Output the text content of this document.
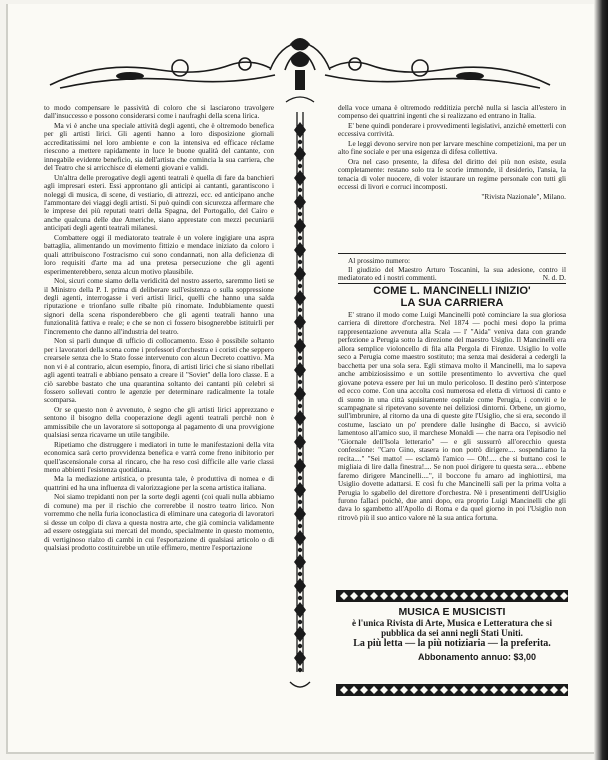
to modo compensare le passività di coloro che si lasciarono travolgere dall'insuccesso e possono considerarsi come i naufraghi della scena lirica.

Ma vi è anche una speciale attività degli agenti, che è oltremodo benefica per gli artisti lirici. Gli agenti hanno a loro disposizione giornali accreditatissimi nel loro ambiente e con la intensiva ed efficace réclame riescono a mettere rapidamente in luce le buone qualità del cantante, con innegabile evidente beneficio, sia dell'artista che comincia la sua carriera, che del Teatro che si arricchisce di elementi giovani e validi.

Un'altra delle prerogative degli agenti teatrali è quella di fare da banchieri agli impresari esteri. Essi approntano gli anticipi ai cantanti, garantiscono i noleggi di musica, di scene, di vestiario, di attrezzi, ecc. ed anticipano anche l'ammontare dei viaggi degli artisti. Si può quindi con sicurezza affermare che le imprese dei più reputati teatri della Spagna, del Portogallo, del Cairo e anche qualcuna delle due Americhe, siano apprestate con mezzi pecuniarii anticipati degli agenti teatrali milanesi.

Combattere oggi il mediatorato teatrale è un volere ingigiare una aspra battaglia, alimentando un movimento fittizio e mendace iniziato da coloro i quali attribuiscono l'ostracismo cui sono condannati, non alla deficienza di loro requisiti d'arte ma ad una pretesa persecuzione che gli agenti esperimenterebbero, senza alcun motivo plausibile.

Noi, sicuri come siamo della veridicità del nostro asserto, saremmo lieti se il Ministro della P. I. prima di deliberare sull'esistenza o sulla soppressione degli agenti, interrogasse i veri artisti lirici, quelli che hanno una salda riputazione e trionfano sulle ribalte più rinomate. Indubbiamente questi signori della scena risponderebbero che gli agenti teatrali hanno una funzionalità fattiva e reale; e che se non ci fossero bisognerebbe istituirli per l'incremento che danno all'industria del teatro.

Non si parli dunque di ufficio di collocamento. Esso è possibile soltanto per i lavoratori della scena come i professori d'orchestra e i coristi che seppero crearsele senza che lo Stato fosse intervenuto con alcun Decreto coattivo. Ma non vi è al contrario, alcun esempio, finora, di artisti lirici che si siano ribellati agli agenti teatrali e abbiano pensato a creare il "Soviet" della loro classe. E a ciò sarebbe bastato che una quarantina soltanto dei cantanti più celebri si fossero sollevati contro le agenzie per determinare radicalmente la totale scomparsa.

Or se questo non è avvenuto, è segno che gli artisti lirici apprezzano e sentono il bisogno della cooperazione degli agenti teatrali perchè non è ammissibile che un lavoratore si sottoponga al pagamento di una provvigione qualsiasi senza ricavarne un utile tangibile.

Ripetiamo che distruggere i mediatori in tutte le manifestazioni della vita economica sarà certo provvidenza benefica e varrà come freno inibitorio per quell'ascensionale corsa al rincaro, che ha reso così difficile alle varie classi meno abbienti l'esistenza quotidiana.

Ma la mediazione artistica, o presunta tale, è produttiva di nomea e di quattrini ed ha una influenza di valorizzagione per la scena artistica italiana.

Noi siamo trepidanti non per la sorte degli agenti (coi quali nulla abbiamo di comune) ma per il rischio che correrebbe il nostro teatro lirico. Non vorremmo che nella furia iconoclastica di eliminare una categoria di lavoratori si desse un colpo di clava a questa nostra arte, che già comincia validamente ad essere osteggiata sui mercati del mondo, specialmente in questo momento, di vertiginoso rialzo di cambi in cui l'esportazione di qualsiasi articolo o di qualsiasi prodotto costituirebbe un utile effimero, mentre l'esportazione

della voce umana è oltremodo redditizia perchè nulla si lascia all'estero in compenso dei quattrini ingenti che si realizzano ed entrano in Italia.

E' bene quindi ponderare i provvedimenti legislativi, anzichè emetterli con eccessiva corrività.

Le leggi devono servire non per larvare meschine competizioni, ma per un alto fine sociale e per una esigenza di difesa collettiva.

Ora nel caso presente, la difesa del diritto dei più non esiste, esula completamente: restano solo tra le scorie immonde, il desiderio, l'ansia, la tenacia di voler nuocere, di voler istaurare un regime personale con tutti gli eccessi di livori e corruci incomposti.

"Rivista Nazionale", Milano.

Al prossimo numero:

Il giudizio del Maestro Arturo Toscanini, la sua adesione, contro il mediatorato ed i nostri commenti.	N. d. D.
COME L. MANCINELLI INIZIO'
LA SUA CARRIERA

E' strano il modo come Luigi Mancinelli potè cominciare la sua gloriosa carriera di direttore d'orchestra. Nel 1874 — pochi mesi dopo la prima rappresentazione avvenuta alla Scala — l' "Aida" veniva data con grande perfezione a Perugia sotto la direzione del maestro Usiglio. Il Mancinelli era allora semplice violoncello di fila alla Pergola di Firenze. Usiglio lo volle seco a Perugia come maestro sostituto; ma senza mai desiderai a cedergli la bacchetta per una sola sera. Egli stimava molto il Mancinelli, ma lo sapeva anche ambiziosissimo e un sottile presentimento lo avvertiva che quel giovane poteva essere per lui un mulo pericoloso. Il destino però s'interpose ed ecco come. Con una accolta così numerosa ed eletta di virtuosi di canto e di suono in una città squisitamente ospitale come Perugia, i conviti e le scampagnate si ripetevano sovente nei deliziosi dintorni. Orbene, un giorno, sull'imbrunire, al ritorno da una di queste gite l'Usiglio, che si era, secondo il costume, lasciato un po' prendere dalle lusinghe di Bacco, si avviciò lamentoso all'amico suo, il marchese Monaldi — che narra ora l'episodio nel "Giornale dell'Isola letterario" — e gli sussurrò all'orecchio questa confessione: "Caro Gino, stasera io non potrò dirigere.... sospendiamo la recita...." "Sei matto! — esclamò l'amico — Oh!.... che si buttano così le migliaia di lire dalla finestra!.... Se non puoi dirigere tu questa sera.... ebbene faremo dirigere Mancinelli....", il boccone fu amaro ad inghiottirsi, ma Usiglio dovette adattarsi. E così fu che Mancinelli salì per la prima volta a Perugia lo sgabello del direttore d'orchestra. Nè i presentimenti dell'Usiglio furono fallaci poichè, due anni dopo, era proprio Luigi Mancinelli che gli dava lo sgambetto all'Apollo di Roma e da quel giorno in poi l'Usiglio non ritrovò più il suo antico valore nè la sua antica fortuna.

MUSICA E MUSICISTI
è l'unica Rivista di Arte, Musica e Letteratura che si pubblica da sei anni negli Stati Uniti.
La più letta — la più notiziaria — la preferita.
Abbonamento annuo: $3,00
